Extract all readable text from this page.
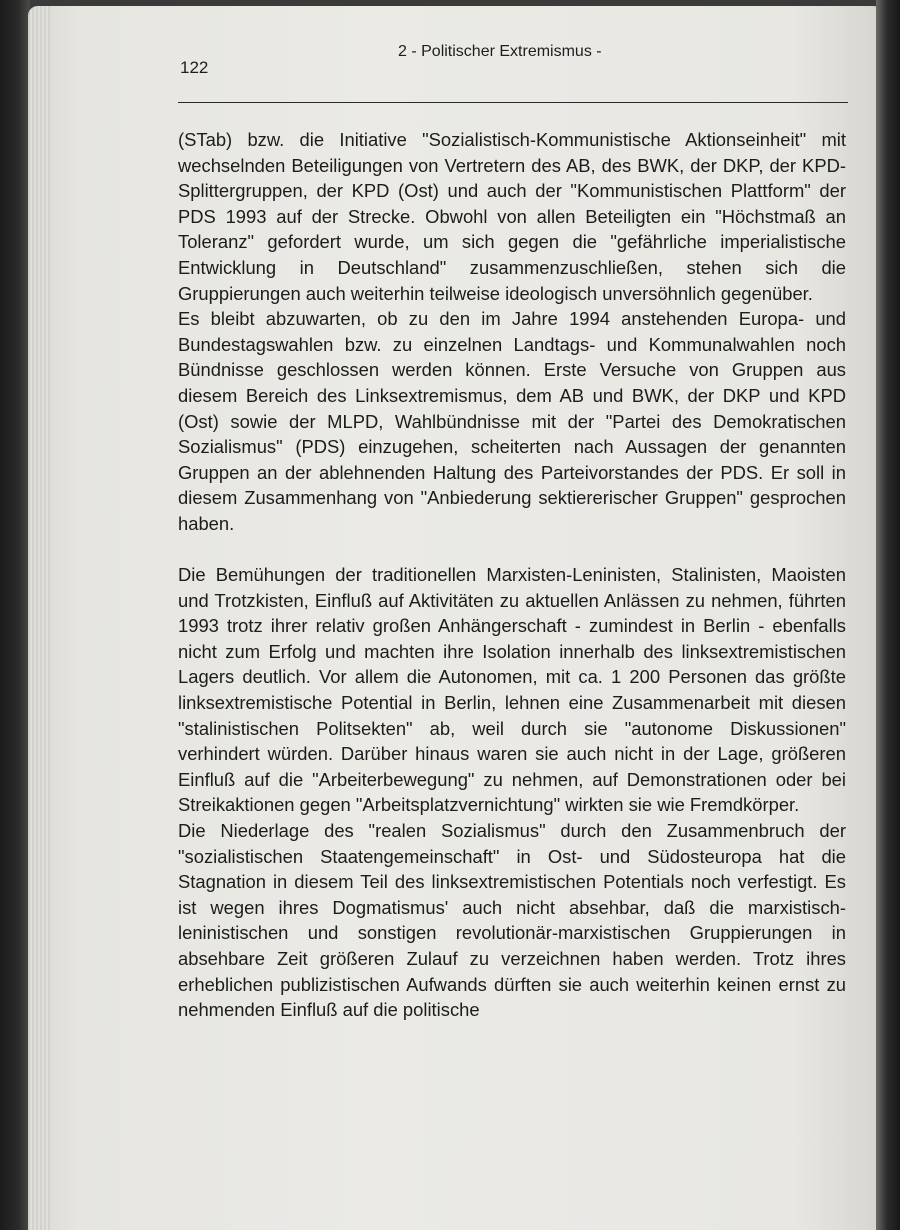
122
2 - Politischer Extremismus -

(STab) bzw. die Initiative "Sozialistisch-Kommunistische Aktionseinheit" mit wechselnden Beteiligungen von Vertretern des AB, des BWK, der DKP, der KPD-Splittergruppen, der KPD (Ost) und auch der "Kommunistischen Plattform" der PDS 1993 auf der Strecke. Obwohl von allen Beteiligten ein "Höchstmaß an Toleranz" gefordert wurde, um sich gegen die "gefährliche imperialistische Entwicklung in Deutschland" zusammenzuschließen, stehen sich die Gruppierungen auch weiterhin teilweise ideologisch unversöhnlich gegenüber.

Es bleibt abzuwarten, ob zu den im Jahre 1994 anstehenden Europa- und Bundestagswahlen bzw. zu einzelnen Landtags- und Kommunalwahlen noch Bündnisse geschlossen werden können. Erste Versuche von Gruppen aus diesem Bereich des Linksextremismus, dem AB und BWK, der DKP und KPD (Ost) sowie der MLPD, Wahlbündnisse mit der "Partei des Demokratischen Sozialismus" (PDS) einzugehen, scheiterten nach Aussagen der genannten Gruppen an der ablehnenden Haltung des Parteivorstandes der PDS. Er soll in diesem Zusammenhang von "Anbiederung sektiererischer Gruppen" gesprochen haben.

Die Bemühungen der traditionellen Marxisten-Leninisten, Stalinisten, Maoisten und Trotzkisten, Einfluß auf Aktivitäten zu aktuellen Anlässen zu nehmen, führten 1993 trotz ihrer relativ großen Anhängerschaft - zumindest in Berlin - ebenfalls nicht zum Erfolg und machten ihre Isolation innerhalb des linksextremistischen Lagers deutlich. Vor allem die Autonomen, mit ca. 1 200 Personen das größte linksextremistische Potential in Berlin, lehnen eine Zusammenarbeit mit diesen "stalinistischen Politsekten" ab, weil durch sie "autonome Diskussionen" verhindert würden. Darüber hinaus waren sie auch nicht in der Lage, größeren Einfluß auf die "Arbeiterbewegung" zu nehmen, auf Demonstrationen oder bei Streikaktionen gegen "Arbeitsplatzvernichtung" wirkten sie wie Fremdkörper.

Die Niederlage des "realen Sozialismus" durch den Zusammenbruch der "sozialistischen Staatengemeinschaft" in Ost- und Südosteuropa hat die Stagnation in diesem Teil des linksextremistischen Potentials noch verfestigt. Es ist wegen ihres Dogmatismus' auch nicht absehbar, daß die marxistisch-leninistischen und sonstigen revolutionär-marxistischen Gruppierungen in absehbare Zeit größeren Zulauf zu verzeichnen haben werden. Trotz ihres erheblichen publizistischen Aufwands dürften sie auch weiterhin keinen ernst zu nehmenden Einfluß auf die politische
